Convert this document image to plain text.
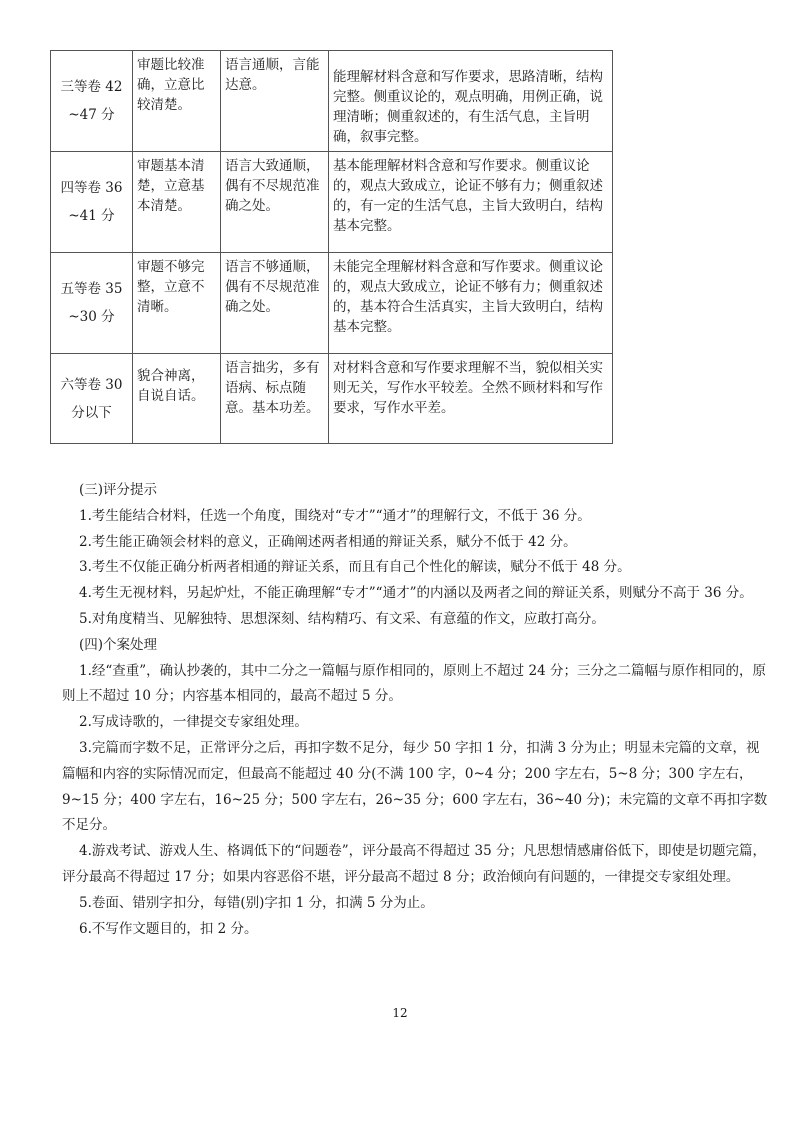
三等卷 42 ~47 分	审题比较准确，立意比较清楚。	语言通顺，言能达意。	能理解材料含意和写作要求，思路清晰，结构完整。侧重议论的，观点明确，用例正确，说理清晰；侧重叙述的，有生活气息，主旨明确，叙事完整。
四等卷 36 ~41 分	审题基本清楚，立意基本清楚。	语言大致通顺，偶有不尽规范准确之处。	基本能理解材料含意和写作要求。侧重议论的，观点大致成立，论证不够有力；侧重叙述的，有一定的生活气息，主旨大致明白，结构基本完整。
五等卷 35~30 分	审题不够完整，立意不清晰。	语言不够通顺，偶有不尽规范准确之处。	未能完全理解材料含意和写作要求。侧重议论的，观点大致成立，论证不够有力；侧重叙述的，基本符合生活真实，主旨大致明白，结构基本完整。
六等卷 30 分以下	貌合神离，自说自话。	语言拙劣，多有语病、标点随意。基本功差。	对材料含意和写作要求理解不当，貌似相关实则无关，写作水平较差。全然不顾材料和写作要求，写作水平差。

(三)评分提示

1.考生能结合材料，任选一个角度，围绕对“专才”“通才”的理解行文，不低于 36 分。

2.考生能正确领会材料的意义，正确阐述两者相通的辩证关系，赋分不低于 42 分。

3.考生不仅能正确分析两者相通的辩证关系，而且有自己个性化的解读，赋分不低于 48 分。

4.考生无视材料，另起炉灶，不能正确理解“专才”“通才”的内涵以及两者之间的辩证关系，则赋分不高于 36 分。

5.对角度精当、见解独特、思想深刻、结构精巧、有文采、有意蕴的作文，应敢打高分。

(四)个案处理

1.经“查重”，确认抄袭的，其中二分之一篇幅与原作相同的，原则上不超过 24 分；三分之二篇幅与原作相同的，原则上不超过 10 分；内容基本相同的，最高不超过 5 分。

2.写成诗歌的，一律提交专家组处理。

3.完篇而字数不足，正常评分之后，再扣字数不足分，每少 50 字扣 1 分，扣满 3 分为止；明显未完篇的文章，视篇幅和内容的实际情况而定，但最高不能超过 40 分(不满 100 字，0~4 分；200 字左右，5~8 分；300 字左右，9~15 分；400 字左右，16~25 分；500 字左右，26~35 分；600 字左右，36~40 分)；未完篇的文章不再扣字数不足分。

4.游戏考试、游戏人生、格调低下的“问题卷”，评分最高不得超过 35 分；凡思想情感庸俗低下，即使是切题完篇，评分最高不得超过 17 分；如果内容恶俗不堪，评分最高不超过 8 分；政治倾向有问题的，一律提交专家组处理。

5.卷面、错别字扣分，每错(别)字扣 1 分，扣满 5 分为止。

6.不写作文题目的，扣 2 分。

12
